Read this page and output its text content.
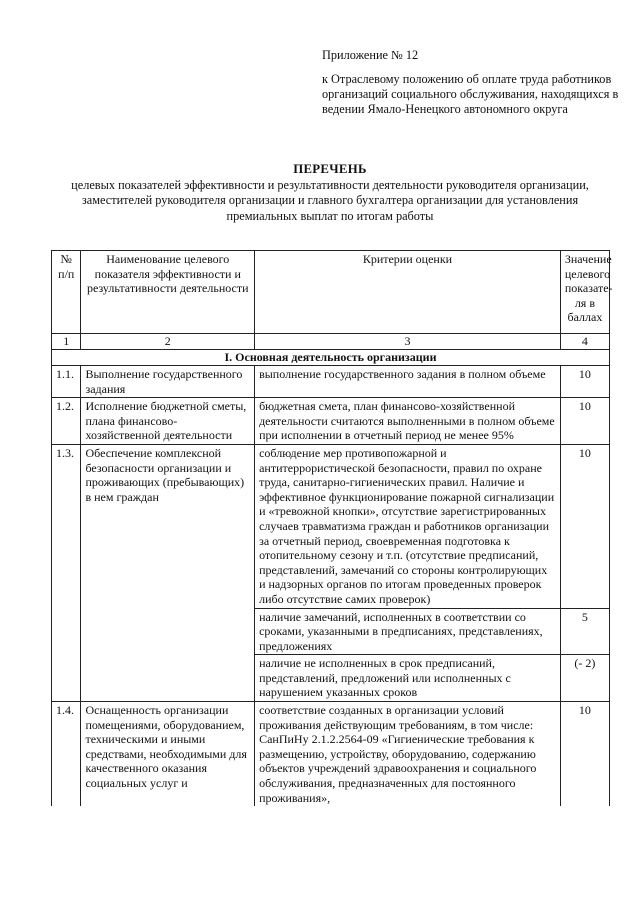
Приложение № 12
к Отраслевому положению об оплате труда работников организаций социального обслуживания, находящихся в ведении Ямало-Ненецкого автономного округа
ПЕРЕЧЕНЬ
целевых показателей эффективности и результативности деятельности руководителя организации, заместителей руководителя организации и главного бухгалтера организации для установления премиальных выплат по итогам работы
№ п/п	Наименование целевого показателя эффективности и результативности деятельности	Критерии оценки	Значение целевого показате-ля в баллах
1	2	3	4
I. Основная деятельность организации			
1.1.	Выполнение государственного задания	выполнение государственного задания в полном объеме	10
1.2.	Исполнение бюджетной сметы, плана финансово-хозяйственной деятельности	бюджетная смета, план финансово-хозяйственной деятельности считаются выполненными в полном объеме при исполнении в отчетный период не менее 95%	10
1.3.	Обеспечение комплексной безопасности организации и проживающих (пребывающих) в нем граждан	соблюдение мер противопожарной и антитеррористической безопасности, правил по охране труда, санитарно-гигиенических правил. Наличие и эффективное функционирование пожарной сигнализации и «тревожной кнопки», отсутствие зарегистрированных случаев травматизма граждан и работников организации за отчетный период, своевременная подготовка к отопительному сезону и т.п. (отсутствие предписаний, представлений, замечаний со стороны контролирующих и надзорных органов по итогам проведенных проверок либо отсутствие самих проверок)	10
		наличие замечаний, исполненных в соответствии со сроками, указанными в предписаниях, представлениях, предложениях	5
		наличие не исполненных в срок предписаний, представлений, предложений или исполненных с нарушением указанных сроков	(- 2)
1.4.	Оснащенность организации помещениями, оборудованием, техническими и иными средствами, необходимыми для качественного оказания социальных услуг и	соответствие созданных в организации условий проживания действующим требованиям, в том числе: СанПиНу 2.1.2.2564-09 «Гигиенические требования к размещению, устройству, оборудованию, содержанию объектов учреждений здравоохранения и социального обслуживания, предназначенных для постоянного проживания»,	10
